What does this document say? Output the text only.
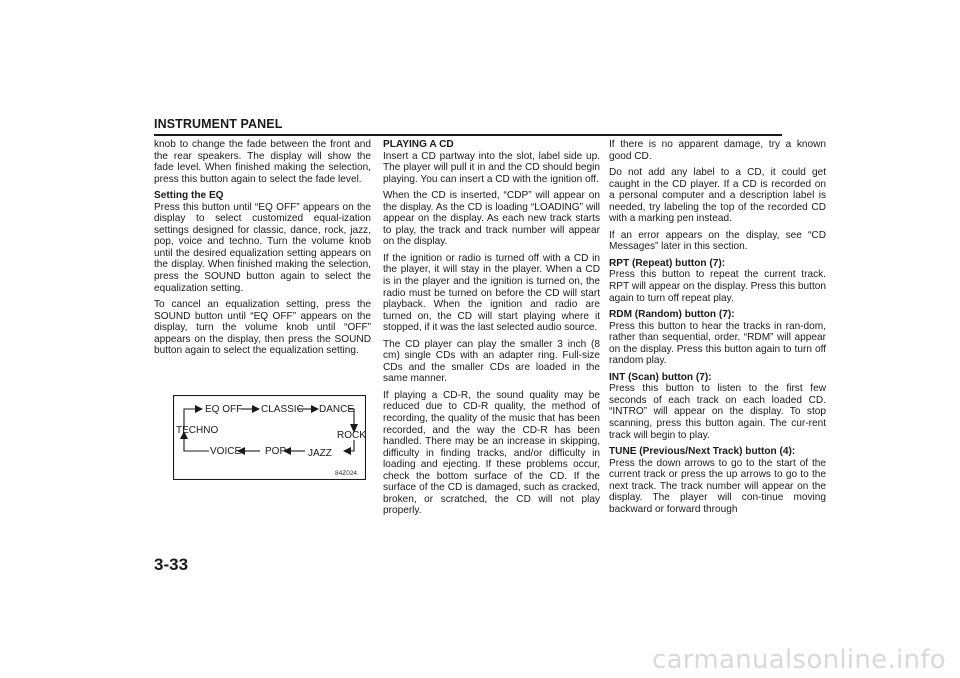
INSTRUMENT PANEL

knob to change the fade between the front and the rear speakers. The display will show the fade level. When finished making the selection, press this button again to select the fade level.

Setting the EQ
Press this button until “EQ OFF” appears on the display to select customized equal-ization settings designed for classic, dance, rock, jazz, pop, voice and techno. Turn the volume knob until the desired equalization setting appears on the display. When finished making the selection, press the SOUND button again to select the equalization setting.

To cancel an equalization setting, press the SOUND button until “EQ OFF” appears on the display, turn the volume knob until “OFF” appears on the display, then press the SOUND button again to select the equalization setting.

EQ OFF CLASSIC DANCE
TECHNO	ROCK
VOICE POP JAZZ
84Z024

PLAYING A CD
Insert a CD partway into the slot, label side up. The player will pull it in and the CD should begin playing. You can insert a CD with the ignition off.

When the CD is inserted, “CDP” will appear on the display. As the CD is loading “LOADING” will appear on the display. As each new track starts to play, the track and track number will appear on the display.

If the ignition or radio is turned off with a CD in the player, it will stay in the player. When a CD is in the player and the ignition is turned on, the radio must be turned on before the CD will start playback. When the ignition and radio are turned on, the CD will start playing where it stopped, if it was the last selected audio source.

The CD player can play the smaller 3 inch (8 cm) single CDs with an adapter ring. Full-size CDs and the smaller CDs are loaded in the same manner.

If playing a CD-R, the sound quality may be reduced due to CD-R quality, the method of recording, the quality of the music that has been recorded, and the way the CD-R has been handled. There may be an increase in skipping, difficulty in finding tracks, and/or difficulty in loading and ejecting. If these problems occur, check the bottom surface of the CD. If the surface of the CD is damaged, such as cracked, broken, or scratched, the CD will not play properly.

If there is no apparent damage, try a known good CD.

Do not add any label to a CD, it could get caught in the CD player. If a CD is recorded on a personal computer and a description label is needed, try labeling the top of the recorded CD with a marking pen instead.

If an error appears on the display, see “CD Messages” later in this section.

RPT (Repeat) button (7):
Press this button to repeat the current track. RPT will appear on the display. Press this button again to turn off repeat play.

RDM (Random) button (7):
Press this button to hear the tracks in ran-dom, rather than sequential, order. “RDM” will appear on the display. Press this button again to turn off random play.

INT (Scan) button (7):
Press this button to listen to the first few seconds of each track on each loaded CD. “INTRO” will appear on the display. To stop scanning, press this button again. The cur-rent track will begin to play.

TUNE (Previous/Next Track) button (4):
Press the down arrows to go to the start of the current track or press the up arrows to go to the next track. The track number will appear on the display. The player will con-tinue moving backward or forward through

3-33
carmanualsonline.info
